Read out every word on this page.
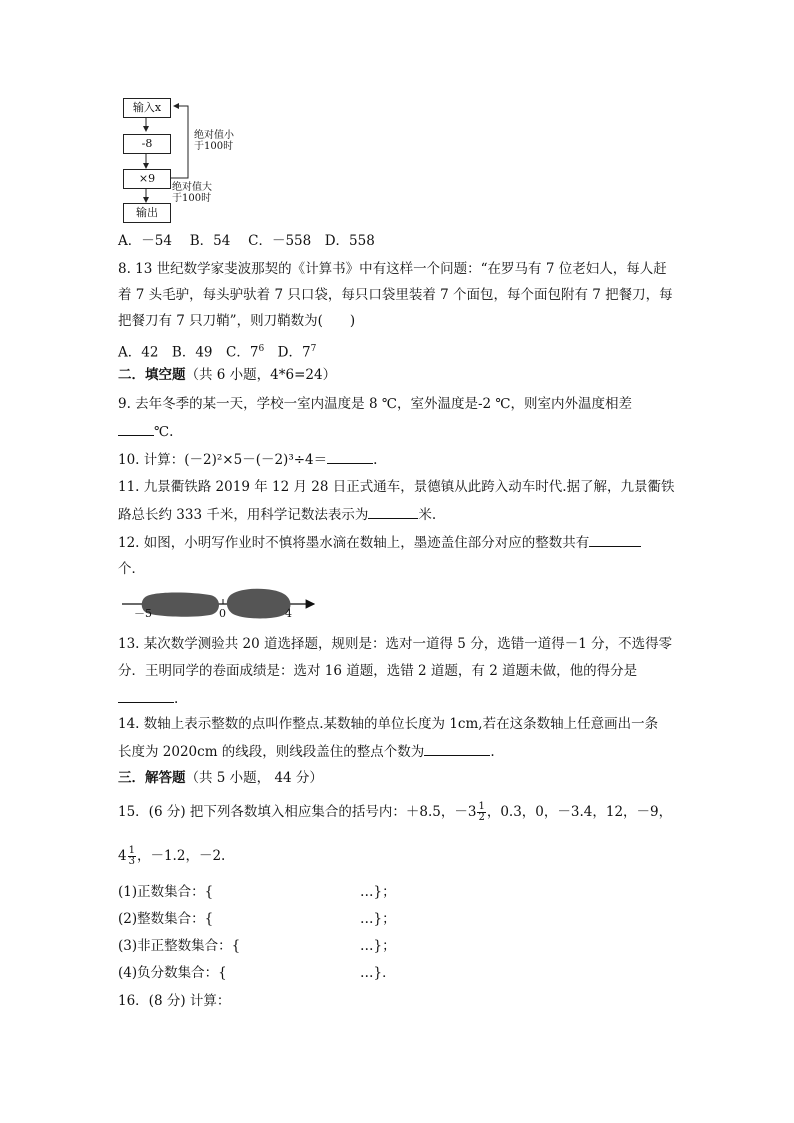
输入x
-8
×9
输出
绝对值小
于100时
绝对值大
于100时
A．－54　 B．54　 C．－558　D．558
8. 13 世纪数学家斐波那契的《计算书》中有这样一个问题：“在罗马有 7 位老妇人，每人赶
着 7 头毛驴，每头驴驮着 7 只口袋，每只口袋里装着 7 个面包，每个面包附有 7 把餐刀，每
把餐刀有 7 只刀鞘”，则刀鞘数为(　　)
A．42　B．49　C．$7^6$　D．$7^7$
二．填空题（共 6 小题，4*6=24）
9. 去年冬季的某一天，学校一室内温度是 8 ℃，室外温度是-2 ℃，则室内外温度相差
℃.
10. 计算：(－2)²×5－(－2)³÷4＝	.
11. 九景衢铁路 2019 年 12 月 28 日正式通车，景德镇从此跨入动车时代.据了解，九景衢铁
路总长约 333 千米，用科学记数法表示为	米.
12. 如图，小明写作业时不慎将墨水滴在数轴上，墨迹盖住部分对应的整数共有
个．
－5	0	4
13. 某次数学测验共 20 道选择题，规则是：选对一道得 5 分，选错一道得－1 分，不选得零
分．王明同学的卷面成绩是：选对 16 道题，选错 2 道题，有 2 道题未做，他的得分是
.
14. 数轴上表示整数的点叫作整点.某数轴的单位长度为 1cm,若在这条数轴上任意画出一条
长度为 2020cm 的线段，则线段盖住的整点个数为	.
三．解答题（共 5 小题， 44 分）
15．(6 分) 把下列各数填入相应集合的括号内：＋8.5，$-3 \frac{1}{2}$ ，0.3，0，－3.4，12，－9，
$4 \frac{1}{3}$ ，－1.2，－2.
(1)正数集合：{	…}；
(2)整数集合：{	…}；
(3)非正整数集合：{	…}；
(4)负分数集合：{	…}．
16．(8 分) 计算：
